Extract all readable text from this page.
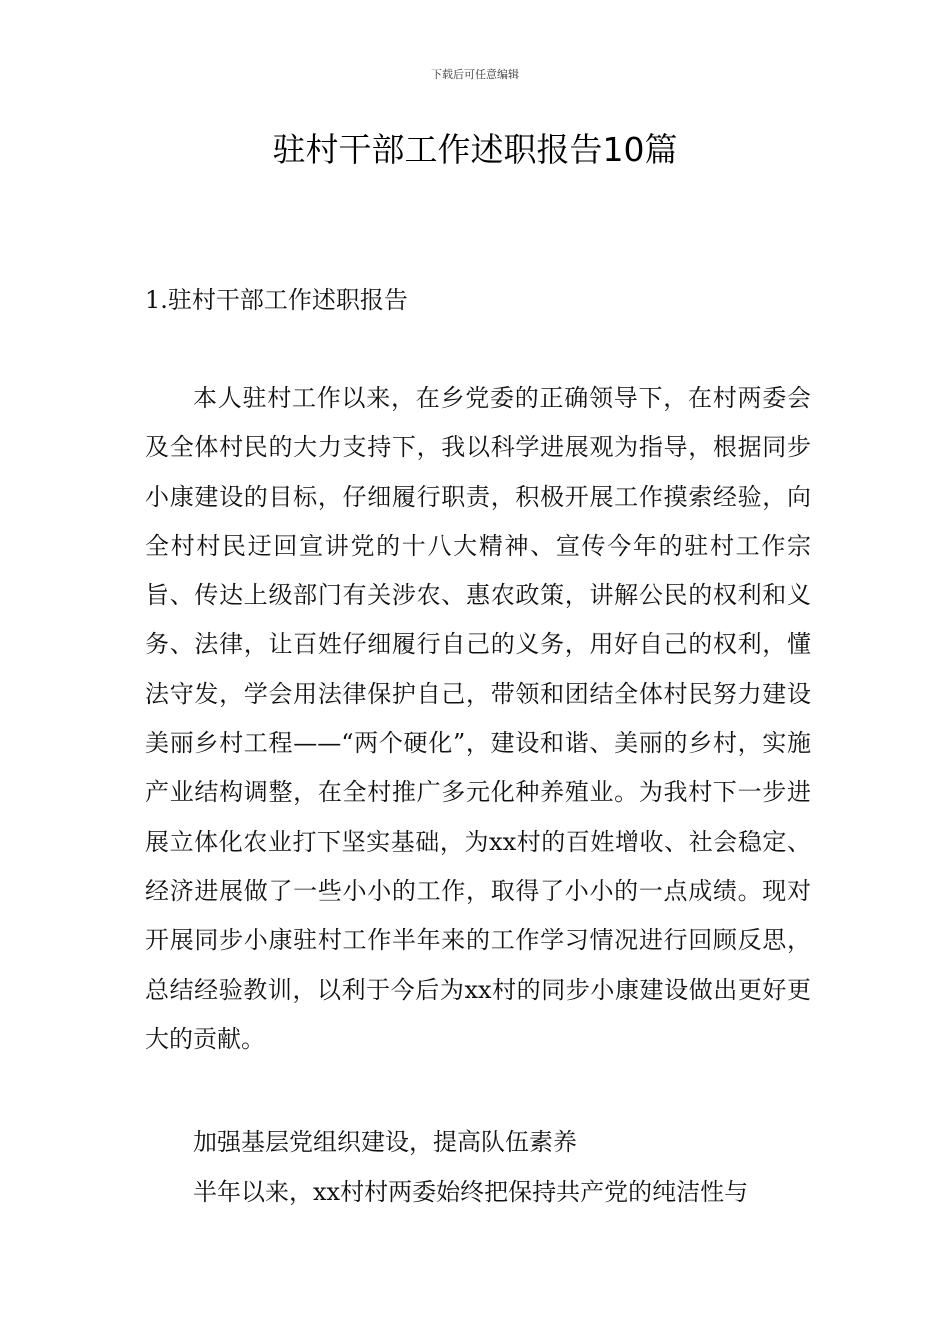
下载后可任意编辑
驻村干部工作述职报告10篇
1.驻村干部工作述职报告
本人驻村工作以来，在乡党委的正确领导下，在村两委会及全体村民的大力支持下，我以科学进展观为指导，根据同步小康建设的目标，仔细履行职责，积极开展工作摸索经验，向全村村民迂回宣讲党的十八大精神、宣传今年的驻村工作宗旨、传达上级部门有关涉农、惠农政策，讲解公民的权利和义务、法律，让百姓仔细履行自己的义务，用好自己的权利，懂法守发，学会用法律保护自己，带领和团结全体村民努力建设美丽乡村工程——“两个硬化”，建设和谐、美丽的乡村，实施产业结构调整，在全村推广多元化种养殖业。为我村下一步进展立体化农业打下坚实基础，为xx村的百姓增收、社会稳定、经济进展做了一些小小的工作，取得了小小的一点成绩。现对开展同步小康驻村工作半年来的工作学习情况进行回顾反思，总结经验教训，以利于今后为xx村的同步小康建设做出更好更大的贡献。
加强基层党组织建设，提高队伍素养
半年以来，xx村村两委始终把保持共产党的纯洁性与
